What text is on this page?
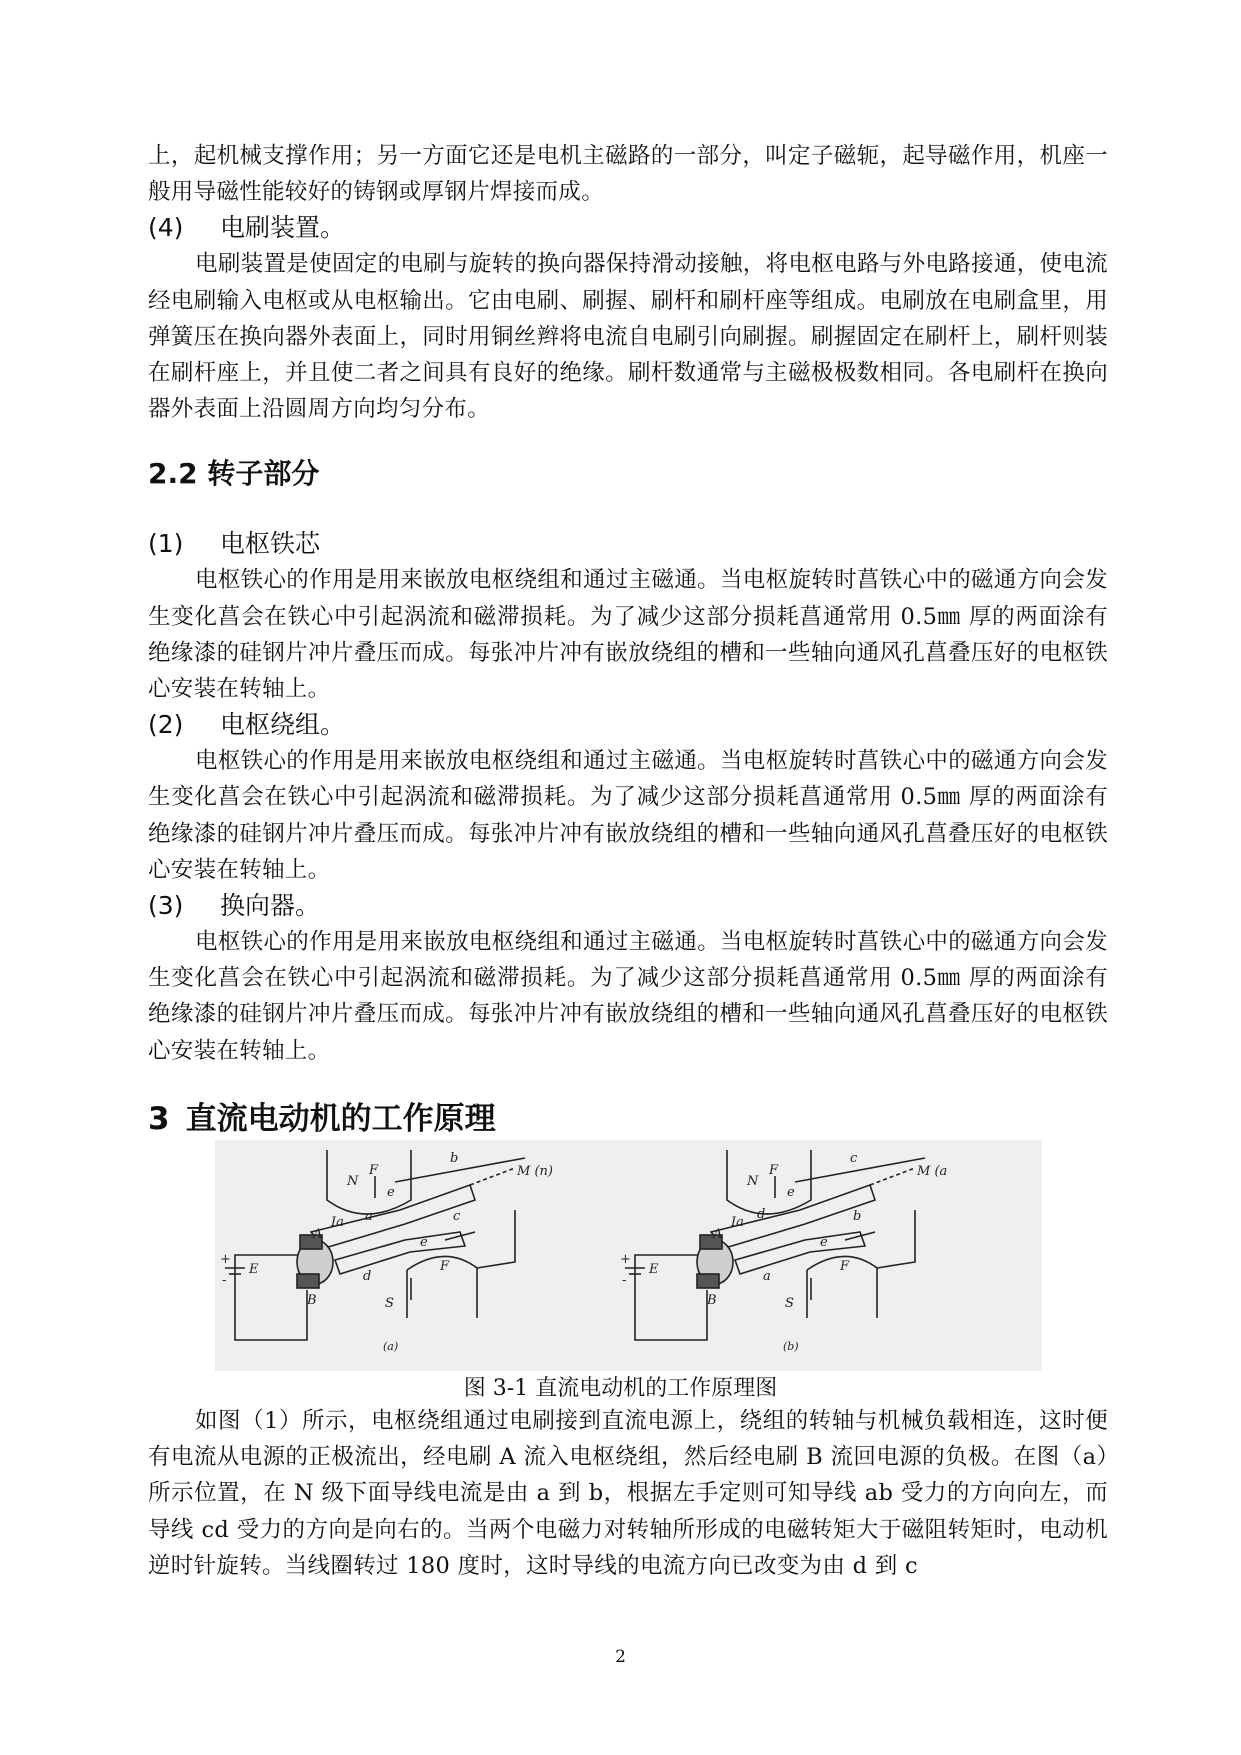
上，起机械支撑作用；另一方面它还是电机主磁路的一部分，叫定子磁轭，起导磁作用，机座一般用导磁性能较好的铸钢或厚钢片焊接而成。

(4) 电刷装置。

电刷装置是使固定的电刷与旋转的换向器保持滑动接触，将电枢电路与外电路接通，使电流经电刷输入电枢或从电枢输出。它由电刷、刷握、刷杆和刷杆座等组成。电刷放在电刷盒里，用弹簧压在换向器外表面上，同时用铜丝辫将电流自电刷引向刷握。刷握固定在刷杆上，刷杆则装在刷杆座上，并且使二者之间具有良好的绝缘。刷杆数通常与主磁极极数相同。各电刷杆在换向器外表面上沿圆周方向均匀分布。

2.2 转子部分
(1) 电枢铁芯

电枢铁心的作用是用来嵌放电枢绕组和通过主磁通。当电枢旋转时菖铁心中的磁通方向会发生变化菖会在铁心中引起涡流和磁滞损耗。为了减少这部分损耗菖通常用 0.5㎜ 厚的两面涂有绝缘漆的硅钢片冲片叠压而成。每张冲片冲有嵌放绕组的槽和一些轴向通风孔菖叠压好的电枢铁心安装在转轴上。

(2) 电枢绕组。

电枢铁心的作用是用来嵌放电枢绕组和通过主磁通。当电枢旋转时菖铁心中的磁通方向会发生变化菖会在铁心中引起涡流和磁滞损耗。为了减少这部分损耗菖通常用 0.5㎜ 厚的两面涂有绝缘漆的硅钢片冲片叠压而成。每张冲片冲有嵌放绕组的槽和一些轴向通风孔菖叠压好的电枢铁心安装在转轴上。

(3) 换向器。

电枢铁心的作用是用来嵌放电枢绕组和通过主磁通。当电枢旋转时菖铁心中的磁通方向会发生变化菖会在铁心中引起涡流和磁滞损耗。为了减少这部分损耗菖通常用 0.5㎜ 厚的两面涂有绝缘漆的硅钢片冲片叠压而成。每张冲片冲有嵌放绕组的槽和一些轴向通风孔菖叠压好的电枢铁心安装在转轴上。

3 直流电动机的工作原理
+
-
E
N
F
b
e
a
Ia
A
B
c
e
d
F
S
M (n)
(a)
+
-
E
N
F
c
e
d
Ia
A
B
b
e
a
F
S
M (a
(b)
图 3-1 直流电动机的工作原理图

如图（1）所示，电枢绕组通过电刷接到直流电源上，绕组的转轴与机械负载相连，这时便有电流从电源的正极流出，经电刷 A 流入电枢绕组，然后经电刷 B 流回电源的负极。在图（a）所示位置，在 N 级下面导线电流是由 a 到 b，根据左手定则可知导线 ab 受力的方向向左，而导线 cd 受力的方向是向右的。当两个电磁力对转轴所形成的电磁转矩大于磁阻转矩时，电动机逆时针旋转。当线圈转过 180 度时，这时导线的电流方向已改变为由 d 到 c

2
